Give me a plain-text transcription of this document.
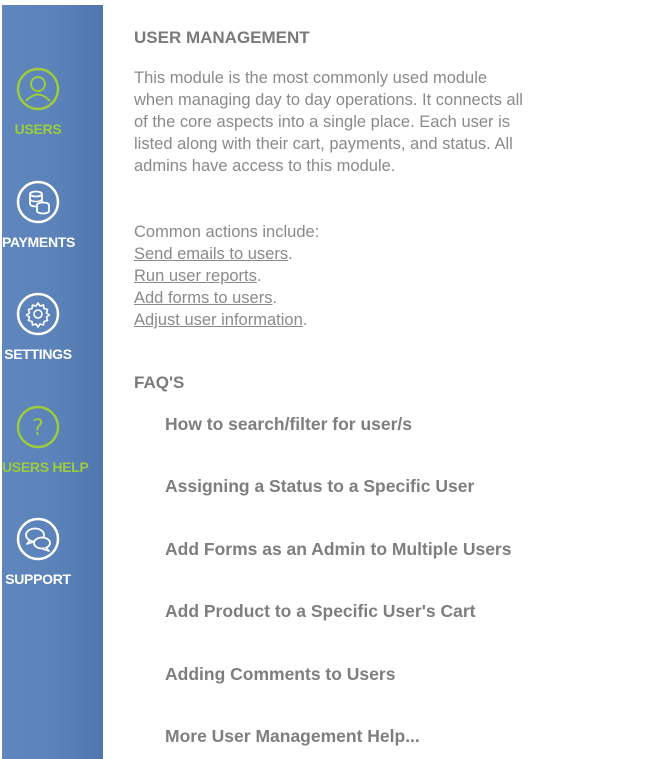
USERS
PAYMENTS
SETTINGS
?
USERS HELP
SUPPORT
USER MANAGEMENT

This module is the most commonly used module when managing day to day operations. It connects all of the core aspects into a single place. Each user is listed along with their cart, payments, and status. All admins have access to this module.

Common actions include:

Send emails to users.
Run user reports.
Add forms to users.
Adjust user information.
FAQ'S
How to search/filter for user/s
Assigning a Status to a Specific User
Add Forms as an Admin to Multiple Users
Add Product to a Specific User's Cart
Adding Comments to Users
More User Management Help...
